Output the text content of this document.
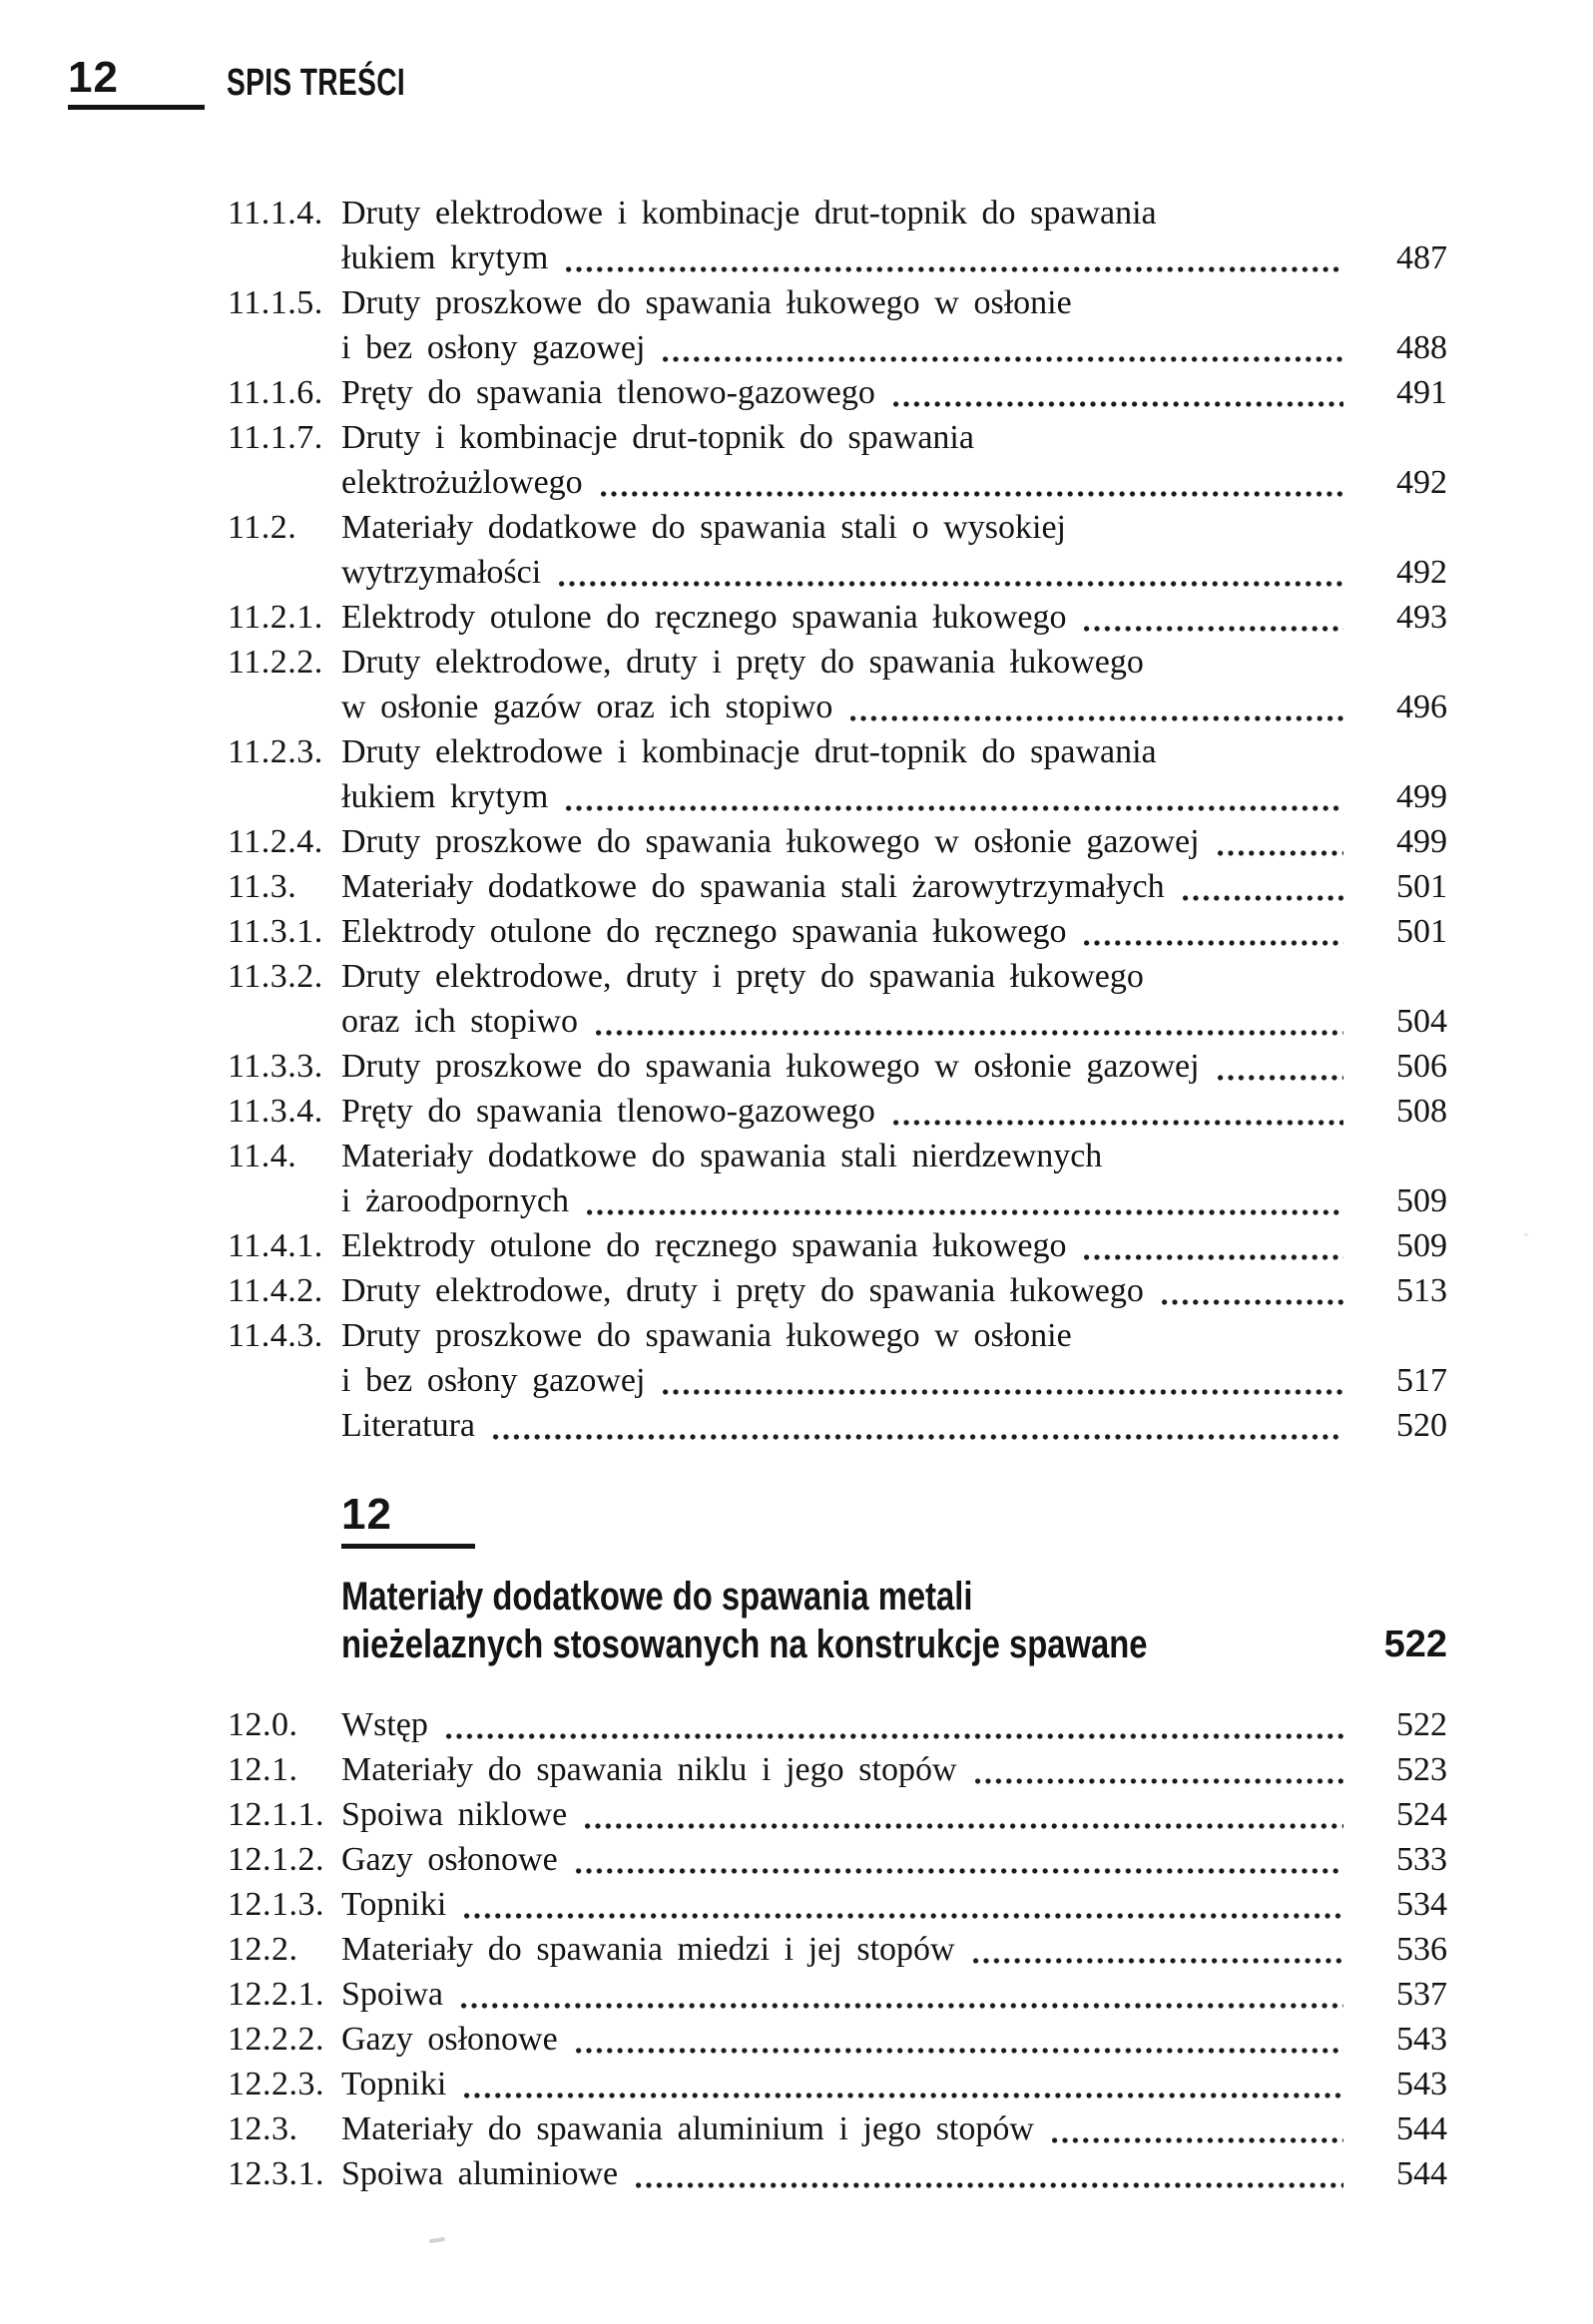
12	SPIS TREŚCI
11.1.4. Druty elektrodowe i kombinacje drut-topnik do spawania
łukiem krytym	487
11.1.5. Druty proszkowe do spawania łukowego w osłonie
i bez osłony gazowej	488
11.1.6. Pręty do spawania tlenowo-gazowego	491
11.1.7. Druty i kombinacje drut-topnik do spawania
elektrożużlowego	492
11.2.	Materiały dodatkowe do spawania stali o wysokiej
wytrzymałości	492
11.2.1. Elektrody otulone do ręcznego spawania łukowego	493
11.2.2. Druty elektrodowe, druty i pręty do spawania łukowego
w osłonie gazów oraz ich stopiwo	496
11.2.3. Druty elektrodowe i kombinacje drut-topnik do spawania
łukiem krytym	499
11.2.4. Druty proszkowe do spawania łukowego w osłonie gazowej	499
11.3.	Materiały dodatkowe do spawania stali żarowytrzymałych	501
11.3.1. Elektrody otulone do ręcznego spawania łukowego	501
11.3.2. Druty elektrodowe, druty i pręty do spawania łukowego
oraz ich stopiwo	504
11.3.3. Druty proszkowe do spawania łukowego w osłonie gazowej	506
11.3.4. Pręty do spawania tlenowo-gazowego	508
11.4.	Materiały dodatkowe do spawania stali nierdzewnych
i żaroodpornych	509
11.4.1. Elektrody otulone do ręcznego spawania łukowego	509
11.4.2. Druty elektrodowe, druty i pręty do spawania łukowego	513
11.4.3. Druty proszkowe do spawania łukowego w osłonie
i bez osłony gazowej	517
Literatura	520
12
Materiały dodatkowe do spawania metali
nieżelaznych stosowanych na konstrukcje spawane	522
12.0.	Wstęp	522
12.1.	Materiały do spawania niklu i jego stopów	523
12.1.1. Spoiwa niklowe	524
12.1.2. Gazy osłonowe	533
12.1.3. Topniki	534
12.2.	Materiały do spawania miedzi i jej stopów	536
12.2.1. Spoiwa	537
12.2.2. Gazy osłonowe	543
12.2.3. Topniki	543
12.3.	Materiały do spawania aluminium i jego stopów	544
12.3.1. Spoiwa aluminiowe	544
